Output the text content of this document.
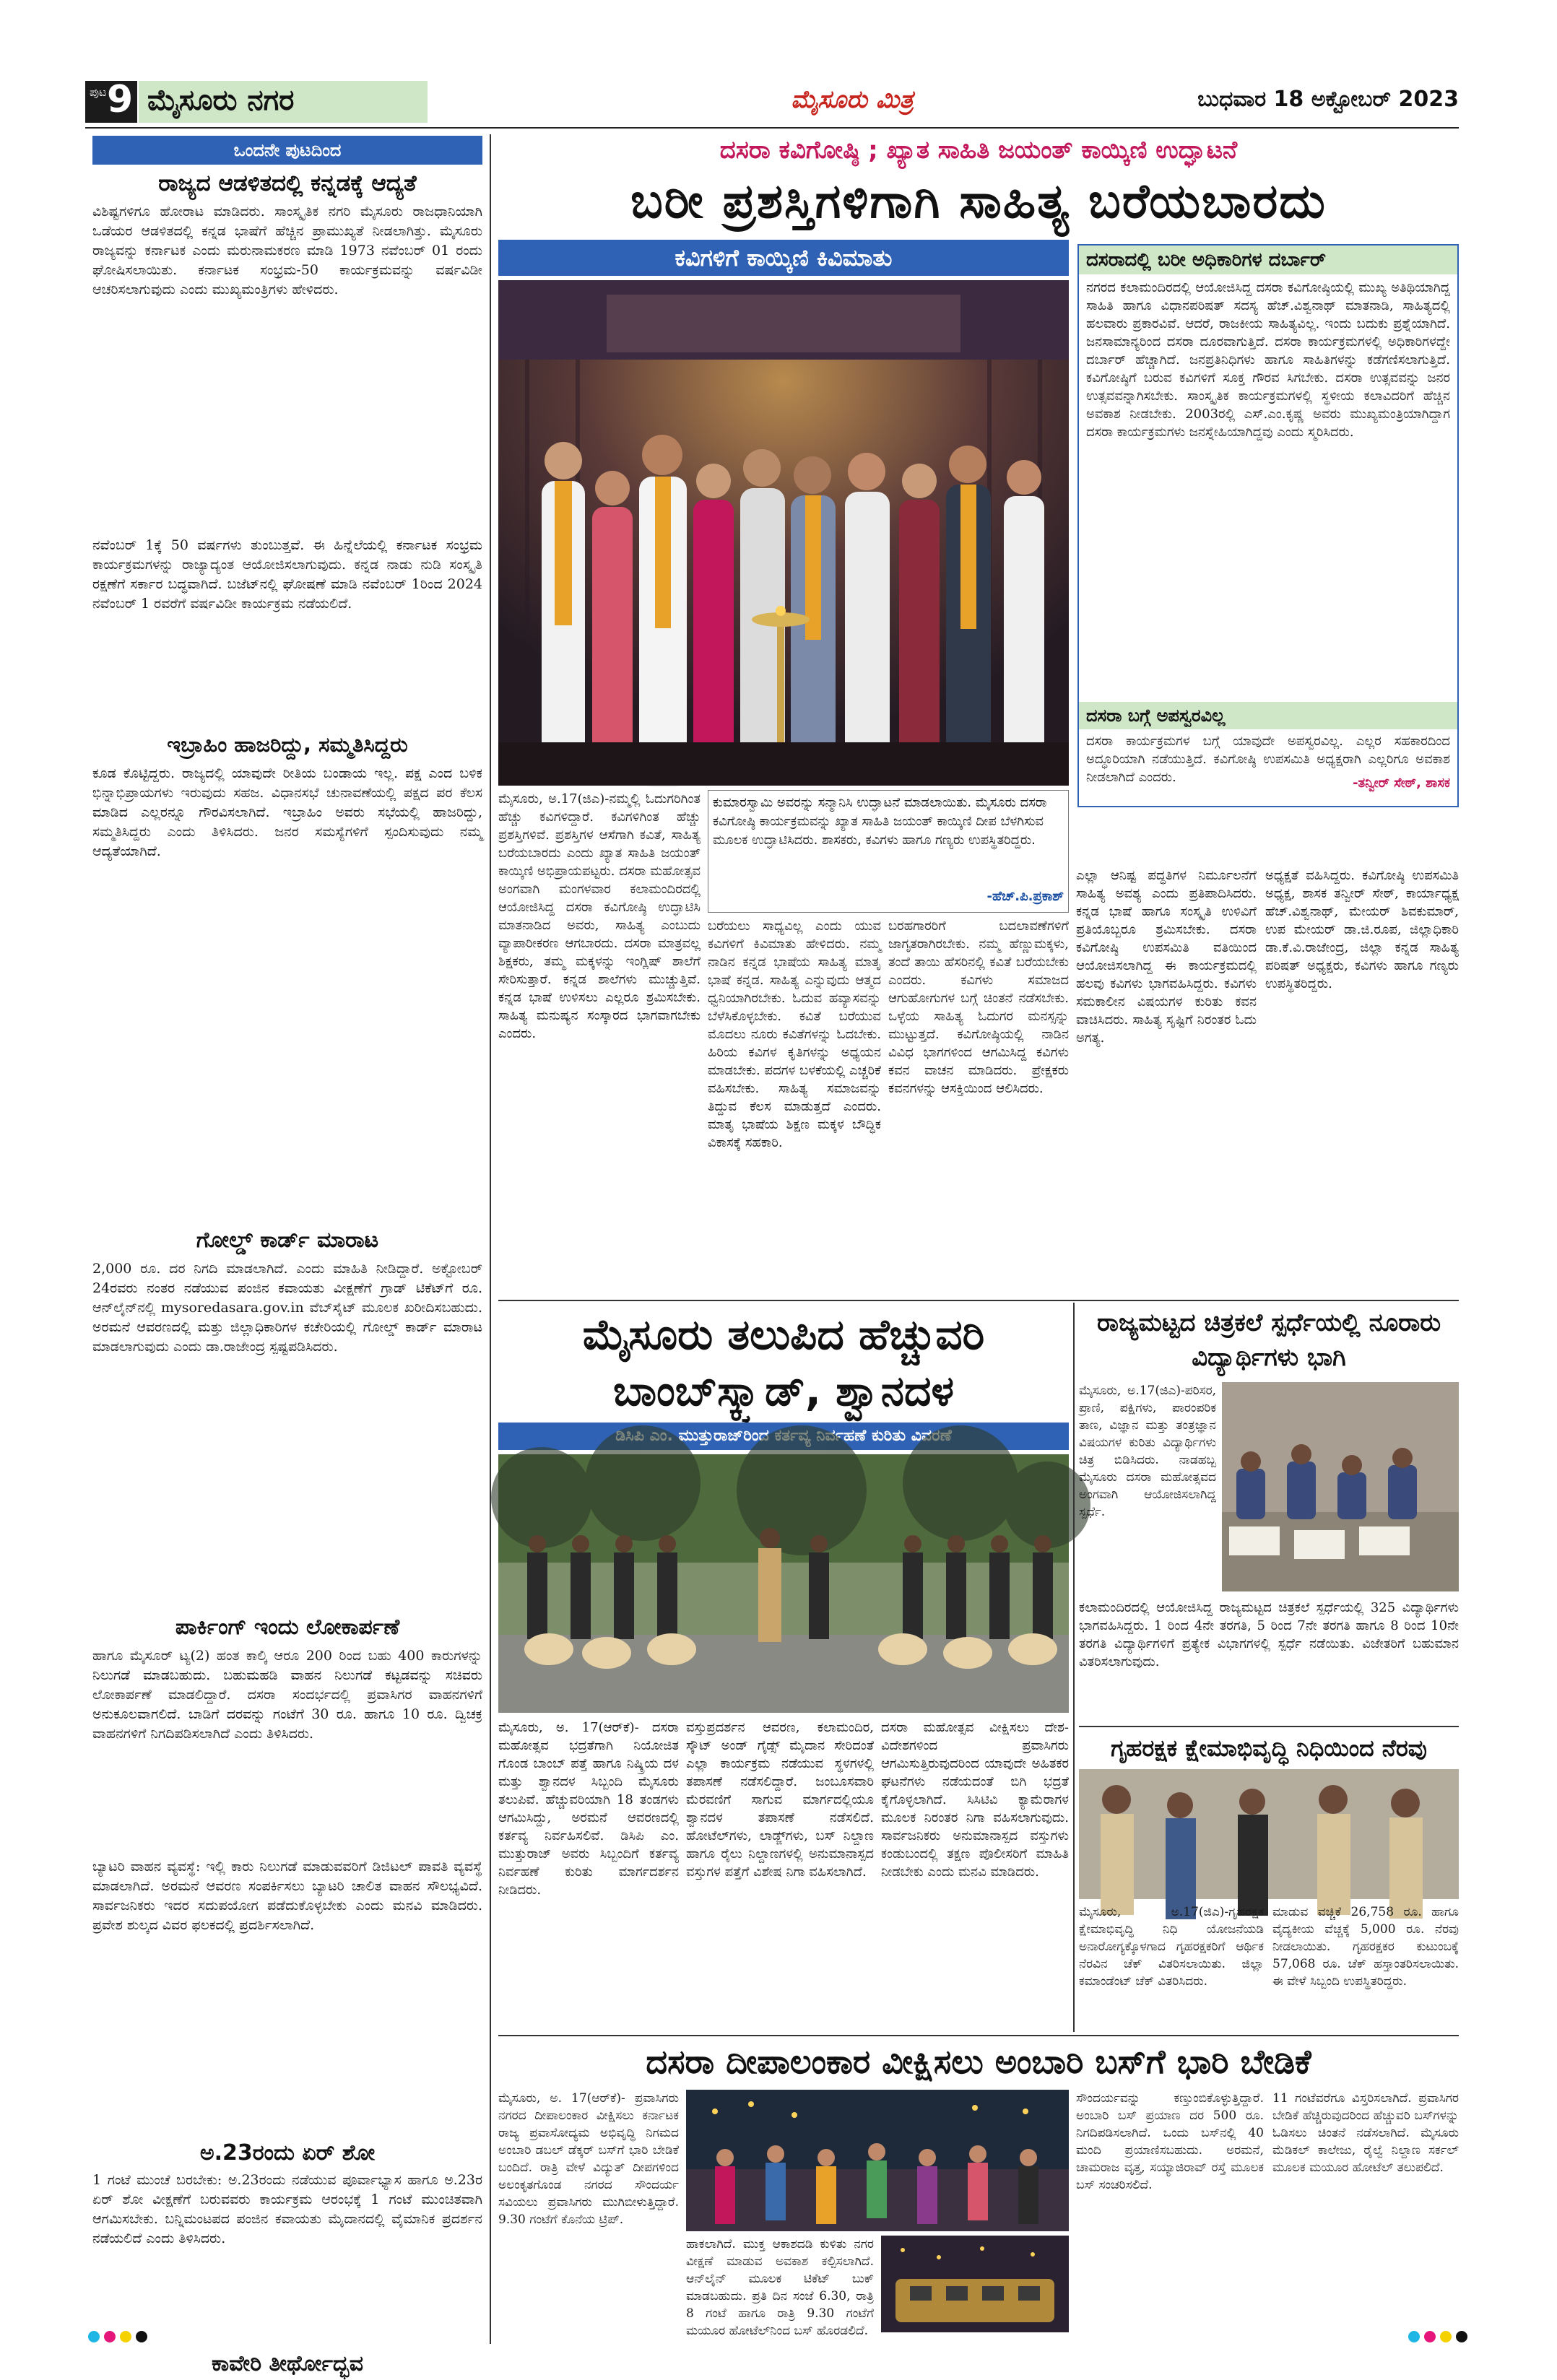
ಪುಟ 9 ಮೈಸೂರು ನಗರ	ಮೈಸೂರು ಮಿತ್ರ	ಬುಧವಾರ 18 ಅಕ್ಟೋಬರ್ 2023
ಒಂದನೇ ಪುಟದಿಂದ
ರಾಜ್ಯದ ಆಡಳಿತದಲ್ಲಿ ಕನ್ನಡಕ್ಕೆ ಆದ್ಯತೆ
ವಿಶಿಷ್ಟಗಳಿಗೂ ಹೋರಾಟ ಮಾಡಿದರು. ಸಾಂಸ್ಕೃತಿಕ ನಗರಿ ಮೈಸೂರು ರಾಜಧಾನಿಯಾಗಿ ಒಡೆಯರ ಆಡಳಿತದಲ್ಲಿ ಕನ್ನಡ ಭಾಷೆಗೆ ಹೆಚ್ಚಿನ ಪ್ರಾಮುಖ್ಯತೆ ನೀಡಲಾಗಿತ್ತು. ಮೈಸೂರು ರಾಜ್ಯವನ್ನು ಕರ್ನಾಟಕ ಎಂದು ಮರುನಾಮಕರಣ ಮಾಡಿ 1973 ನವೆಂಬರ್ 01 ರಂದು ಘೋಷಿಸಲಾಯಿತು. ಕರ್ನಾಟಕ ಸಂಭ್ರಮ-50 ಕಾರ್ಯಕ್ರಮವನ್ನು ವರ್ಷವಿಡೀ ಆಚರಿಸಲಾಗುವುದು ಎಂದು ಮುಖ್ಯಮಂತ್ರಿಗಳು ಹೇಳಿದರು.
ನವೆಂಬರ್ 1ಕ್ಕೆ 50 ವರ್ಷಗಳು ತುಂಬುತ್ತವೆ. ಈ ಹಿನ್ನೆಲೆಯಲ್ಲಿ ಕರ್ನಾಟಕ ಸಂಭ್ರಮ ಕಾರ್ಯಕ್ರಮಗಳನ್ನು ರಾಜ್ಯಾದ್ಯಂತ ಆಯೋಜಿಸಲಾಗುವುದು. ಕನ್ನಡ ನಾಡು ನುಡಿ ಸಂಸ್ಕೃತಿ ರಕ್ಷಣೆಗೆ ಸರ್ಕಾರ ಬದ್ಧವಾಗಿದೆ. ಬಜೆಟ್‌ನಲ್ಲಿ ಘೋಷಣೆ ಮಾಡಿ ನವೆಂಬರ್ 1ರಿಂದ 2024 ನವೆಂಬರ್ 1 ರವರೆಗೆ ವರ್ಷವಿಡೀ ಕಾರ್ಯಕ್ರಮ ನಡೆಯಲಿದೆ.
ಇಬ್ರಾಹಿಂ ಹಾಜರಿದ್ದು, ಸಮ್ಮತಿಸಿದ್ದರು
ಕೂಡ ಕೊಟ್ಟಿದ್ದರು. ರಾಜ್ಯದಲ್ಲಿ ಯಾವುದೇ ರೀತಿಯ ಬಂಡಾಯ ಇಲ್ಲ. ಪಕ್ಷ ಎಂದ ಬಳಿಕ ಭಿನ್ನಾಭಿಪ್ರಾಯಗಳು ಇರುವುದು ಸಹಜ. ವಿಧಾನಸಭೆ ಚುನಾವಣೆಯಲ್ಲಿ ಪಕ್ಷದ ಪರ ಕೆಲಸ ಮಾಡಿದ ಎಲ್ಲರನ್ನೂ ಗೌರವಿಸಲಾಗಿದೆ. ಇಬ್ರಾಹಿಂ ಅವರು ಸಭೆಯಲ್ಲಿ ಹಾಜರಿದ್ದು, ಸಮ್ಮತಿಸಿದ್ದರು ಎಂದು ತಿಳಿಸಿದರು. ಜನರ ಸಮಸ್ಯೆಗಳಿಗೆ ಸ್ಪಂದಿಸುವುದು ನಮ್ಮ ಆದ್ಯತೆಯಾಗಿದೆ.
ಗೋಲ್ಡ್ ಕಾರ್ಡ್ ಮಾರಾಟ
2,000 ರೂ. ದರ ನಿಗದಿ ಮಾಡಲಾಗಿದೆ. ಎಂದು ಮಾಹಿತಿ ನೀಡಿದ್ದಾರೆ. ಅಕ್ಟೋಬರ್ 24ರವರು ನಂತರ ನಡೆಯುವ ಪಂಜಿನ ಕವಾಯತು ವೀಕ್ಷಣೆಗೆ ಗ್ರಾಡ್ ಟಿಕೆಟ್‌ಗೆ ರೂ. ಆನ್‌ಲೈನ್‌ನಲ್ಲಿ mysoredasara.gov.in ವೆಬ್‌ಸೈಟ್ ಮೂಲಕ ಖರೀದಿಸಬಹುದು. ಅರಮನೆ ಆವರಣದಲ್ಲಿ ಮತ್ತು ಜಿಲ್ಲಾಧಿಕಾರಿಗಳ ಕಚೇರಿಯಲ್ಲಿ ಗೋಲ್ಡ್ ಕಾರ್ಡ್ ಮಾರಾಟ ಮಾಡಲಾಗುವುದು ಎಂದು ಡಾ.ರಾಜೇಂದ್ರ ಸ್ಪಷ್ಟಪಡಿಸಿದರು.
ಪಾರ್ಕಿಂಗ್ ಇಂದು ಲೋಕಾರ್ಪಣೆ
ಹಾಗೂ ಮೈಸೂರ್ ಟ್ಯ(2) ಹಂತ ಕಾಲ್ಕಿ ಆರೂ 200 ರಿಂದ ಬಹು 400 ಕಾರುಗಳನ್ನು ನಿಲುಗಡೆ ಮಾಡಬಹುದು. ಬಹುಮಹಡಿ ವಾಹನ ನಿಲುಗಡೆ ಕಟ್ಟಡವನ್ನು ಸಚಿವರು ಲೋಕಾರ್ಪಣೆ ಮಾಡಲಿದ್ದಾರೆ. ದಸರಾ ಸಂದರ್ಭದಲ್ಲಿ ಪ್ರವಾಸಿಗರ ವಾಹನಗಳಿಗೆ ಅನುಕೂಲವಾಗಲಿದೆ. ಬಾಡಿಗೆ ದರವನ್ನು ಗಂಟೆಗೆ 30 ರೂ. ಹಾಗೂ 10 ರೂ. ದ್ವಿಚಕ್ರ ವಾಹನಗಳಿಗೆ ನಿಗದಿಪಡಿಸಲಾಗಿದೆ ಎಂದು ತಿಳಿಸಿದರು.
ಬ್ಯಾಟರಿ ವಾಹನ ವ್ಯವಸ್ಥೆ: ಇಲ್ಲಿ ಕಾರು ನಿಲುಗಡೆ ಮಾಡುವವರಿಗೆ ಡಿಜಿಟಲ್ ಪಾವತಿ ವ್ಯವಸ್ಥೆ ಮಾಡಲಾಗಿದೆ. ಅರಮನೆ ಆವರಣ ಸಂಪರ್ಕಿಸಲು ಬ್ಯಾಟರಿ ಚಾಲಿತ ವಾಹನ ಸೌಲಭ್ಯವಿದೆ. ಸಾರ್ವಜನಿಕರು ಇದರ ಸದುಪಯೋಗ ಪಡೆದುಕೊಳ್ಳಬೇಕು ಎಂದು ಮನವಿ ಮಾಡಿದರು. ಪ್ರವೇಶ ಶುಲ್ಕದ ವಿವರ ಫಲಕದಲ್ಲಿ ಪ್ರದರ್ಶಿಸಲಾಗಿದೆ.
ಅ.23ರಂದು ಏರ್ ಶೋ
1 ಗಂಟೆ ಮುಂಚೆ ಬರಬೇಕು: ಅ.23ರಂದು ನಡೆಯುವ ಪೂರ್ವಾಭ್ಯಾಸ ಹಾಗೂ ಅ.23ರ ಏರ್ ಶೋ ವೀಕ್ಷಣೆಗೆ ಬರುವವರು ಕಾರ್ಯಕ್ರಮ ಆರಂಭಕ್ಕೆ 1 ಗಂಟೆ ಮುಂಚಿತವಾಗಿ ಆಗಮಿಸಬೇಕು. ಬನ್ನಿಮಂಟಪದ ಪಂಜಿನ ಕವಾಯತು ಮೈದಾನದಲ್ಲಿ ವೈಮಾನಿಕ ಪ್ರದರ್ಶನ ನಡೆಯಲಿದೆ ಎಂದು ತಿಳಿಸಿದರು.
ಕಾವೇರಿ ತೀರ್ಥೋದ್ಭವ
ದಸರಾ ಕವಿಗೋಷ್ಠಿ ; ಖ್ಯಾತ ಸಾಹಿತಿ ಜಯಂತ್ ಕಾಯ್ಕಿಣಿ ಉದ್ಘಾಟನೆ
ಬರೀ ಪ್ರಶಸ್ತಿಗಳಿಗಾಗಿ ಸಾಹಿತ್ಯ ಬರೆಯಬಾರದು
ಕವಿಗಳಿಗೆ ಕಾಯ್ಕಿಣಿ ಕಿವಿಮಾತು
ಕುಮಾರಸ್ವಾಮಿ ಅವರನ್ನು ಸನ್ಮಾನಿಸಿ ಉದ್ಘಾಟನೆ ಮಾಡಲಾಯಿತು. ಮೈಸೂರು ದಸರಾ ಕವಿಗೋಷ್ಠಿ ಕಾರ್ಯಕ್ರಮವನ್ನು ಖ್ಯಾತ ಸಾಹಿತಿ ಜಯಂತ್ ಕಾಯ್ಕಿಣಿ ದೀಪ ಬೆಳಗಿಸುವ ಮೂಲಕ ಉದ್ಘಾಟಿಸಿದರು. ಶಾಸಕರು, ಕವಿಗಳು ಹಾಗೂ ಗಣ್ಯರು ಉಪಸ್ಥಿತರಿದ್ದರು.
-ಹೆಚ್.ಪಿ.ಪ್ರಕಾಶ್
ಮೈಸೂರು, ಅ.17(ಜಿಎ)-ನಮ್ಮಲ್ಲಿ ಓದುಗರಿಗಿಂತ ಹೆಚ್ಚು ಕವಿಗಳಿದ್ದಾರೆ. ಕವಿಗಳಿಗಿಂತ ಹೆಚ್ಚು ಪ್ರಶಸ್ತಿಗಳಿವೆ. ಪ್ರಶಸ್ತಿಗಳ ಆಸೆಗಾಗಿ ಕವಿತೆ, ಸಾಹಿತ್ಯ ಬರೆಯಬಾರದು ಎಂದು ಖ್ಯಾತ ಸಾಹಿತಿ ಜಯಂತ್ ಕಾಯ್ಕಿಣಿ ಅಭಿಪ್ರಾಯಪಟ್ಟರು. ದಸರಾ ಮಹೋತ್ಸವ ಅಂಗವಾಗಿ ಮಂಗಳವಾರ ಕಲಾಮಂದಿರದಲ್ಲಿ ಆಯೋಜಿಸಿದ್ದ ದಸರಾ ಕವಿಗೋಷ್ಠಿ ಉದ್ಘಾಟಿಸಿ ಮಾತನಾಡಿದ ಅವರು, ಸಾಹಿತ್ಯ ಎಂಬುದು ವ್ಯಾಪಾರೀಕರಣ ಆಗಬಾರದು. ದಸರಾ ಮಾತ್ರವಲ್ಲ ಶಿಕ್ಷಕರು, ತಮ್ಮ ಮಕ್ಕಳನ್ನು ಇಂಗ್ಲಿಷ್ ಶಾಲೆಗೆ ಸೇರಿಸುತ್ತಾರೆ. ಕನ್ನಡ ಶಾಲೆಗಳು ಮುಚ್ಚುತ್ತಿವೆ. ಕನ್ನಡ ಭಾಷೆ ಉಳಿಸಲು ಎಲ್ಲರೂ ಶ್ರಮಿಸಬೇಕು. ಸಾಹಿತ್ಯ ಮನುಷ್ಯನ ಸಂಸ್ಕಾರದ ಭಾಗವಾಗಬೇಕು ಎಂದರು.
ಬರೆಯಲು ಸಾಧ್ಯವಿಲ್ಲ ಎಂದು ಯುವ ಕವಿಗಳಿಗೆ ಕಿವಿಮಾತು ಹೇಳಿದರು. ನಮ್ಮ ನಾಡಿನ ಕನ್ನಡ ಭಾಷೆಯ ಸಾಹಿತ್ಯ ಮಾತೃ ಭಾಷೆ ಕನ್ನಡ. ಸಾಹಿತ್ಯ ಎನ್ನುವುದು ಆತ್ಮದ ಧ್ವನಿಯಾಗಿರಬೇಕು. ಓದುವ ಹವ್ಯಾಸವನ್ನು ಬೆಳೆಸಿಕೊಳ್ಳಬೇಕು. ಕವಿತೆ ಬರೆಯುವ ಮೊದಲು ನೂರು ಕವಿತೆಗಳನ್ನು ಓದಬೇಕು. ಹಿರಿಯ ಕವಿಗಳ ಕೃತಿಗಳನ್ನು ಅಧ್ಯಯನ ಮಾಡಬೇಕು. ಪದಗಳ ಬಳಕೆಯಲ್ಲಿ ಎಚ್ಚರಿಕೆ ವಹಿಸಬೇಕು. ಸಾಹಿತ್ಯ ಸಮಾಜವನ್ನು ತಿದ್ದುವ ಕೆಲಸ ಮಾಡುತ್ತದೆ ಎಂದರು. ಮಾತೃ ಭಾಷೆಯ ಶಿಕ್ಷಣ ಮಕ್ಕಳ ಬೌದ್ಧಿಕ ವಿಕಾಸಕ್ಕೆ ಸಹಕಾರಿ.
ಬರಹಗಾರರಿಗೆ ಬದಲಾವಣೆಗಳಿಗೆ ಜಾಗೃತರಾಗಿರಬೇಕು. ನಮ್ಮ ಹೆಣ್ಣುಮಕ್ಕಳು, ತಂದೆ ತಾಯಿ ಹೆಸರಿನಲ್ಲಿ ಕವಿತೆ ಬರೆಯಬೇಕು ಎಂದರು. ಕವಿಗಳು ಸಮಾಜದ ಆಗುಹೋಗುಗಳ ಬಗ್ಗೆ ಚಿಂತನೆ ನಡೆಸಬೇಕು. ಒಳ್ಳೆಯ ಸಾಹಿತ್ಯ ಓದುಗರ ಮನಸ್ಸನ್ನು ಮುಟ್ಟುತ್ತದೆ. ಕವಿಗೋಷ್ಠಿಯಲ್ಲಿ ನಾಡಿನ ವಿವಿಧ ಭಾಗಗಳಿಂದ ಆಗಮಿಸಿದ್ದ ಕವಿಗಳು ಕವನ ವಾಚನ ಮಾಡಿದರು. ಪ್ರೇಕ್ಷಕರು ಕವನಗಳನ್ನು ಆಸಕ್ತಿಯಿಂದ ಆಲಿಸಿದರು.
ಎಲ್ಲಾ ಆನಿಷ್ಟ ಪದ್ಧತಿಗಳ ನಿರ್ಮೂಲನೆಗೆ ಸಾಹಿತ್ಯ ಅವಶ್ಯ ಎಂದು ಪ್ರತಿಪಾದಿಸಿದರು. ಕನ್ನಡ ಭಾಷೆ ಹಾಗೂ ಸಂಸ್ಕೃತಿ ಉಳಿವಿಗೆ ಪ್ರತಿಯೊಬ್ಬರೂ ಶ್ರಮಿಸಬೇಕು. ದಸರಾ ಕವಿಗೋಷ್ಠಿ ಉಪಸಮಿತಿ ವತಿಯಿಂದ ಆಯೋಜಿಸಲಾಗಿದ್ದ ಈ ಕಾರ್ಯಕ್ರಮದಲ್ಲಿ ಹಲವು ಕವಿಗಳು ಭಾಗವಹಿಸಿದ್ದರು. ಕವಿಗಳು ಸಮಕಾಲೀನ ವಿಷಯಗಳ ಕುರಿತು ಕವನ ವಾಚಿಸಿದರು. ಸಾಹಿತ್ಯ ಸೃಷ್ಟಿಗೆ ನಿರಂತರ ಓದು ಅಗತ್ಯ.
ಅಧ್ಯಕ್ಷತೆ ವಹಿಸಿದ್ದರು. ಕವಿಗೋಷ್ಠಿ ಉಪಸಮಿತಿ ಅಧ್ಯಕ್ಷ, ಶಾಸಕ ತನ್ವೀರ್ ಸೇಠ್, ಕಾರ್ಯಾಧ್ಯಕ್ಷ ಹೆಚ್.ವಿಶ್ವನಾಥ್, ಮೇಯರ್ ಶಿವಕುಮಾರ್, ಉಪ ಮೇಯರ್ ಡಾ.ಜಿ.ರೂಪ, ಜಿಲ್ಲಾಧಿಕಾರಿ ಡಾ.ಕೆ.ವಿ.ರಾಜೇಂದ್ರ, ಜಿಲ್ಲಾ ಕನ್ನಡ ಸಾಹಿತ್ಯ ಪರಿಷತ್ ಅಧ್ಯಕ್ಷರು, ಕವಿಗಳು ಹಾಗೂ ಗಣ್ಯರು ಉಪಸ್ಥಿತರಿದ್ದರು.
ದಸರಾದಲ್ಲಿ ಬರೀ ಅಧಿಕಾರಿಗಳ ದರ್ಬಾರ್
ನಗರದ ಕಲಾಮಂದಿರದಲ್ಲಿ ಆಯೋಜಿಸಿದ್ದ ದಸರಾ ಕವಿಗೋಷ್ಠಿಯಲ್ಲಿ ಮುಖ್ಯ ಅತಿಥಿಯಾಗಿದ್ದ ಸಾಹಿತಿ ಹಾಗೂ ವಿಧಾನಪರಿಷತ್ ಸದಸ್ಯ ಹೆಚ್.ವಿಶ್ವನಾಥ್ ಮಾತನಾಡಿ, ಸಾಹಿತ್ಯದಲ್ಲಿ ಹಲವಾರು ಪ್ರಕಾರವಿವೆ. ಆದರೆ, ರಾಜಕೀಯ ಸಾಹಿತ್ಯವಿಲ್ಲ. ಇಂದು ಬದುಕು ಪ್ರಶ್ನೆಯಾಗಿದೆ. ಜನಸಾಮಾನ್ಯರಿಂದ ದಸರಾ ದೂರವಾಗುತ್ತಿದೆ. ದಸರಾ ಕಾರ್ಯಕ್ರಮಗಳಲ್ಲಿ ಅಧಿಕಾರಿಗಳದ್ದೇ ದರ್ಬಾರ್ ಹೆಚ್ಚಾಗಿದೆ. ಜನಪ್ರತಿನಿಧಿಗಳು ಹಾಗೂ ಸಾಹಿತಿಗಳನ್ನು ಕಡೆಗಣಿಸಲಾಗುತ್ತಿದೆ. ಕವಿಗೋಷ್ಠಿಗೆ ಬರುವ ಕವಿಗಳಿಗೆ ಸೂಕ್ತ ಗೌರವ ಸಿಗಬೇಕು. ದಸರಾ ಉತ್ಸವವನ್ನು ಜನರ ಉತ್ಸವವನ್ನಾಗಿಸಬೇಕು. ಸಾಂಸ್ಕೃತಿಕ ಕಾರ್ಯಕ್ರಮಗಳಲ್ಲಿ ಸ್ಥಳೀಯ ಕಲಾವಿದರಿಗೆ ಹೆಚ್ಚಿನ ಅವಕಾಶ ನೀಡಬೇಕು. 2003ರಲ್ಲಿ ಎಸ್.ಎಂ.ಕೃಷ್ಣ ಅವರು ಮುಖ್ಯಮಂತ್ರಿಯಾಗಿದ್ದಾಗ ದಸರಾ ಕಾರ್ಯಕ್ರಮಗಳು ಜನಸ್ನೇಹಿಯಾಗಿದ್ದವು ಎಂದು ಸ್ಮರಿಸಿದರು.
ದಸರಾ ಬಗ್ಗೆ ಅಪಸ್ವರವಿಲ್ಲ
ದಸರಾ ಕಾರ್ಯಕ್ರಮಗಳ ಬಗ್ಗೆ ಯಾವುದೇ ಅಪಸ್ವರವಿಲ್ಲ. ಎಲ್ಲರ ಸಹಕಾರದಿಂದ ಅದ್ಧೂರಿಯಾಗಿ ನಡೆಯುತ್ತಿದೆ. ಕವಿಗೋಷ್ಠಿ ಉಪಸಮಿತಿ ಅಧ್ಯಕ್ಷರಾಗಿ ಎಲ್ಲರಿಗೂ ಅವಕಾಶ ನೀಡಲಾಗಿದೆ ಎಂದರು.	-ತನ್ವೀರ್ ಸೇಠ್, ಶಾಸಕ
ಮೈಸೂರು ತಲುಪಿದ ಹೆಚ್ಚುವರಿ
ಬಾಂಬ್‌ಸ್ಕ್ವಾಡ್, ಶ್ವಾನದಳ
ಮುತ್ತುರಾಜ್‌ರಿಂದ ನಿರ್ವಹಣೆ ಕುರಿತು
ಮೈಸೂರು, ಅ. 17(ಆರ್‌ಕೆ)- ದಸರಾ ಮಹೋತ್ಸವ ಭದ್ರತೆಗಾಗಿ ನಿಯೋಜಿತ ಗೊಂಡ ಬಾಂಬ್ ಪತ್ತೆ ಹಾಗೂ ನಿಷ್ಕ್ರಿಯ ದಳ ಮತ್ತು ಶ್ವಾನದಳ ಸಿಬ್ಬಂದಿ ಮೈಸೂರು ತಲುಪಿವೆ. ಹೆಚ್ಚುವರಿಯಾಗಿ 18 ತಂಡಗಳು ಆಗಮಿಸಿದ್ದು, ಅರಮನೆ ಆವರಣದಲ್ಲಿ ಕರ್ತವ್ಯ ನಿರ್ವಹಿಸಲಿವೆ. ಡಿಸಿಪಿ ಎಂ. ಮುತ್ತುರಾಜ್ ಅವರು ಸಿಬ್ಬಂದಿಗೆ ಕರ್ತವ್ಯ ನಿರ್ವಹಣೆ ಕುರಿತು ಮಾರ್ಗದರ್ಶನ ನೀಡಿದರು.
ವಸ್ತುಪ್ರದರ್ಶನ ಆವರಣ, ಕಲಾಮಂದಿರ, ಸ್ಕೌಟ್ ಅಂಡ್ ಗೈಡ್ಸ್ ಮೈದಾನ ಸೇರಿದಂತೆ ಎಲ್ಲಾ ಕಾರ್ಯಕ್ರಮ ನಡೆಯುವ ಸ್ಥಳಗಳಲ್ಲಿ ತಪಾಸಣೆ ನಡೆಸಲಿದ್ದಾರೆ. ಜಂಬೂಸವಾರಿ ಮೆರವಣಿಗೆ ಸಾಗುವ ಮಾರ್ಗದಲ್ಲಿಯೂ ಶ್ವಾನದಳ ತಪಾಸಣೆ ನಡೆಸಲಿದೆ. ಹೋಟೆಲ್‌ಗಳು, ಲಾಡ್ಜ್‌ಗಳು, ಬಸ್ ನಿಲ್ದಾಣ ಹಾಗೂ ರೈಲು ನಿಲ್ದಾಣಗಳಲ್ಲಿ ಅನುಮಾನಾಸ್ಪದ ವಸ್ತುಗಳ ಪತ್ತೆಗೆ ವಿಶೇಷ ನಿಗಾ ವಹಿಸಲಾಗಿದೆ.
ದಸರಾ ಮಹೋತ್ಸವ ವೀಕ್ಷಿಸಲು ದೇಶ-ವಿದೇಶಗಳಿಂದ ಪ್ರವಾಸಿಗರು ಆಗಮಿಸುತ್ತಿರುವುದರಿಂದ ಯಾವುದೇ ಅಹಿತಕರ ಘಟನೆಗಳು ನಡೆಯದಂತೆ ಬಿಗಿ ಭದ್ರತೆ ಕೈಗೊಳ್ಳಲಾಗಿದೆ. ಸಿಸಿಟಿವಿ ಕ್ಯಾಮೆರಾಗಳ ಮೂಲಕ ನಿರಂತರ ನಿಗಾ ವಹಿಸಲಾಗುವುದು. ಸಾರ್ವಜನಿಕರು ಅನುಮಾನಾಸ್ಪದ ವಸ್ತುಗಳು ಕಂಡುಬಂದಲ್ಲಿ ತಕ್ಷಣ ಪೊಲೀಸರಿಗೆ ಮಾಹಿತಿ ನೀಡಬೇಕು ಎಂದು ಮನವಿ ಮಾಡಿದರು.
ರಾಜ್ಯಮಟ್ಟದ ಚಿತ್ರಕಲೆ ಸ್ಪರ್ಧೆಯಲ್ಲಿ ನೂರಾರು ವಿದ್ಯಾರ್ಥಿಗಳು ಭಾಗಿ
ಮೈಸೂರು, ಅ.17(ಜಿಎ)-ಪರಿಸರ, ಪ್ರಾಣಿ, ಪಕ್ಷಿಗಳು, ಪಾರಂಪರಿಕ ತಾಣ, ವಿಜ್ಞಾನ ಮತ್ತು ತಂತ್ರಜ್ಞಾನ ವಿಷಯಗಳ ಕುರಿತು ವಿದ್ಯಾರ್ಥಿಗಳು ಚಿತ್ರ ಬಿಡಿಸಿದರು. ನಾಡಹಬ್ಬ ಮೈಸೂರು ದಸರಾ ಮಹೋತ್ಸವದ ಅಂಗವಾಗಿ ಆಯೋಜಿಸಲಾಗಿದ್ದ ಸ್ಪರ್ಧೆ.
ಕಲಾಮಂದಿರದಲ್ಲಿ ಆಯೋಜಿಸಿದ್ದ ರಾಜ್ಯಮಟ್ಟದ ಚಿತ್ರಕಲೆ ಸ್ಪರ್ಧೆಯಲ್ಲಿ 325 ವಿದ್ಯಾರ್ಥಿಗಳು ಭಾಗವಹಿಸಿದ್ದರು. 1 ರಿಂದ 4ನೇ ತರಗತಿ, 5 ರಿಂದ 7ನೇ ತರಗತಿ ಹಾಗೂ 8 ರಿಂದ 10ನೇ ತರಗತಿ ವಿದ್ಯಾರ್ಥಿಗಳಿಗೆ ಪ್ರತ್ಯೇಕ ವಿಭಾಗಗಳಲ್ಲಿ ಸ್ಪರ್ಧೆ ನಡೆಯಿತು. ವಿಜೇತರಿಗೆ ಬಹುಮಾನ ವಿತರಿಸಲಾಗುವುದು.
ಗೃಹರಕ್ಷಕ ಕ್ಷೇಮಾಭಿವೃದ್ಧಿ ನಿಧಿಯಿಂದ ನೆರವು
ಮೈಸೂರು, ಅ.17(ಜಿಎ)-ಗೃಹರಕ್ಷಕ ಕ್ಷೇಮಾಭಿವೃದ್ಧಿ ನಿಧಿ ಯೋಜನೆಯಡಿ ಅನಾರೋಗ್ಯಕ್ಕೊಳಗಾದ ಗೃಹರಕ್ಷಕರಿಗೆ ಆರ್ಥಿಕ ನೆರವಿನ ಚೆಕ್ ವಿತರಿಸಲಾಯಿತು. ಜಿಲ್ಲಾ ಕಮಾಂಡೆಂಟ್ ಚೆಕ್ ವಿತರಿಸಿದರು.
ಮಾಡುವ ವಚ್ಚಿಕೆ 26,758 ರೂ. ಹಾಗೂ ವೈದ್ಯಕೀಯ ವೆಚ್ಚಕ್ಕೆ 5,000 ರೂ. ನೆರವು ನೀಡಲಾಯಿತು. ಗೃಹರಕ್ಷಕರ ಕುಟುಂಬಕ್ಕೆ 57,068 ರೂ. ಚೆಕ್ ಹಸ್ತಾಂತರಿಸಲಾಯಿತು. ಈ ವೇಳೆ ಸಿಬ್ಬಂದಿ ಉಪಸ್ಥಿತರಿದ್ದರು.
ದಸರಾ ದೀಪಾಲಂಕಾರ ವೀಕ್ಷಿಸಲು ಅಂಬಾರಿ ಬಸ್‌ಗೆ ಭಾರಿ ಬೇಡಿಕೆ
ಮೈಸೂರು, ಅ. 17(ಆರ್‌ಕೆ)- ಪ್ರವಾಸಿಗರು ನಗರದ ದೀಪಾಲಂಕಾರ ವೀಕ್ಷಿಸಲು ಕರ್ನಾಟಕ ರಾಜ್ಯ ಪ್ರವಾಸೋದ್ಯಮ ಅಭಿವೃದ್ಧಿ ನಿಗಮದ ಅಂಬಾರಿ ಡಬಲ್ ಡೆಕ್ಕರ್ ಬಸ್‌ಗೆ ಭಾರಿ ಬೇಡಿಕೆ ಬಂದಿದೆ. ರಾತ್ರಿ ವೇಳೆ ವಿದ್ಯುತ್ ದೀಪಗಳಿಂದ ಅಲಂಕೃತಗೊಂಡ ನಗರದ ಸೌಂದರ್ಯ ಸವಿಯಲು ಪ್ರವಾಸಿಗರು ಮುಗಿಬೀಳುತ್ತಿದ್ದಾರೆ. 9.30 ಗಂಟೆಗೆ ಕೊನೆಯ ಟ್ರಿಪ್.
ಹಾಕಲಾಗಿದೆ. ಮುಕ್ತ ಆಕಾಶದಡಿ ಕುಳಿತು ನಗರ ವೀಕ್ಷಣೆ ಮಾಡುವ ಅವಕಾಶ ಕಲ್ಪಿಸಲಾಗಿದೆ. ಆನ್‌ಲೈನ್ ಮೂಲಕ ಟಿಕೆಟ್ ಬುಕ್ ಮಾಡಬಹುದು. ಪ್ರತಿ ದಿನ ಸಂಜೆ 6.30, ರಾತ್ರಿ 8 ಗಂಟೆ ಹಾಗೂ ರಾತ್ರಿ 9.30 ಗಂಟೆಗೆ ಮಯೂರ ಹೋಟೆಲ್‌ನಿಂದ ಬಸ್ ಹೊರಡಲಿದೆ.
ಸೌಂದರ್ಯವನ್ನು ಕಣ್ತುಂಬಿಕೊಳ್ಳುತ್ತಿದ್ದಾರೆ. ಅಂಬಾರಿ ಬಸ್ ಪ್ರಯಾಣ ದರ 500 ರೂ. ನಿಗದಿಪಡಿಸಲಾಗಿದೆ. ಒಂದು ಬಸ್‌ನಲ್ಲಿ 40 ಮಂದಿ ಪ್ರಯಾಣಿಸಬಹುದು. ಅರಮನೆ, ಚಾಮರಾಜ ವೃತ್ತ, ಸಯ್ಯಾಜಿರಾವ್ ರಸ್ತೆ ಮೂಲಕ ಬಸ್ ಸಂಚರಿಸಲಿದೆ.
11 ಗಂಟೆವರೆಗೂ ವಿಸ್ತರಿಸಲಾಗಿದೆ. ಪ್ರವಾಸಿಗರ ಬೇಡಿಕೆ ಹೆಚ್ಚಿರುವುದರಿಂದ ಹೆಚ್ಚುವರಿ ಬಸ್‌ಗಳನ್ನು ಓಡಿಸಲು ಚಿಂತನೆ ನಡೆಸಲಾಗಿದೆ. ಮೈಸೂರು ಮೆಡಿಕಲ್ ಕಾಲೇಜು, ರೈಲ್ವೆ ನಿಲ್ದಾಣ ಸರ್ಕಲ್ ಮೂಲಕ ಮಯೂರ ಹೋಟೆಲ್ ತಲುಪಲಿದೆ.
